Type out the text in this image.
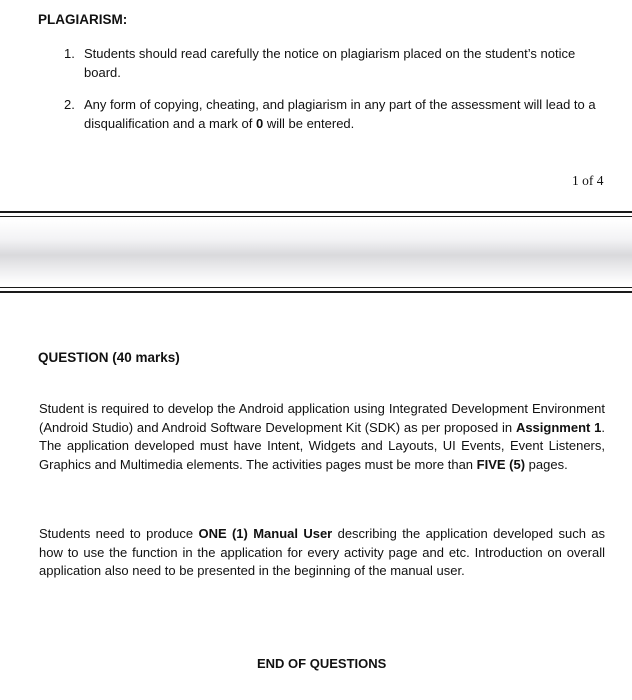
PLAGIARISM:
1. Students should read carefully the notice on plagiarism placed on the student’s notice board.
2. Any form of copying, cheating, and plagiarism in any part of the assessment will lead to a disqualification and a mark of 0 will be entered.
1 of 4
QUESTION (40 marks)
Student is required to develop the Android application using Integrated Development Environment (Android Studio) and Android Software Development Kit (SDK) as per proposed in Assignment 1. The application developed must have Intent, Widgets and Layouts, UI Events, Event Listeners, Graphics and Multimedia elements. The activities pages must be more than FIVE (5) pages.
Students need to produce ONE (1) Manual User describing the application developed such as how to use the function in the application for every activity page and etc. Introduction on overall application also need to be presented in the beginning of the manual user.
END OF QUESTIONS
